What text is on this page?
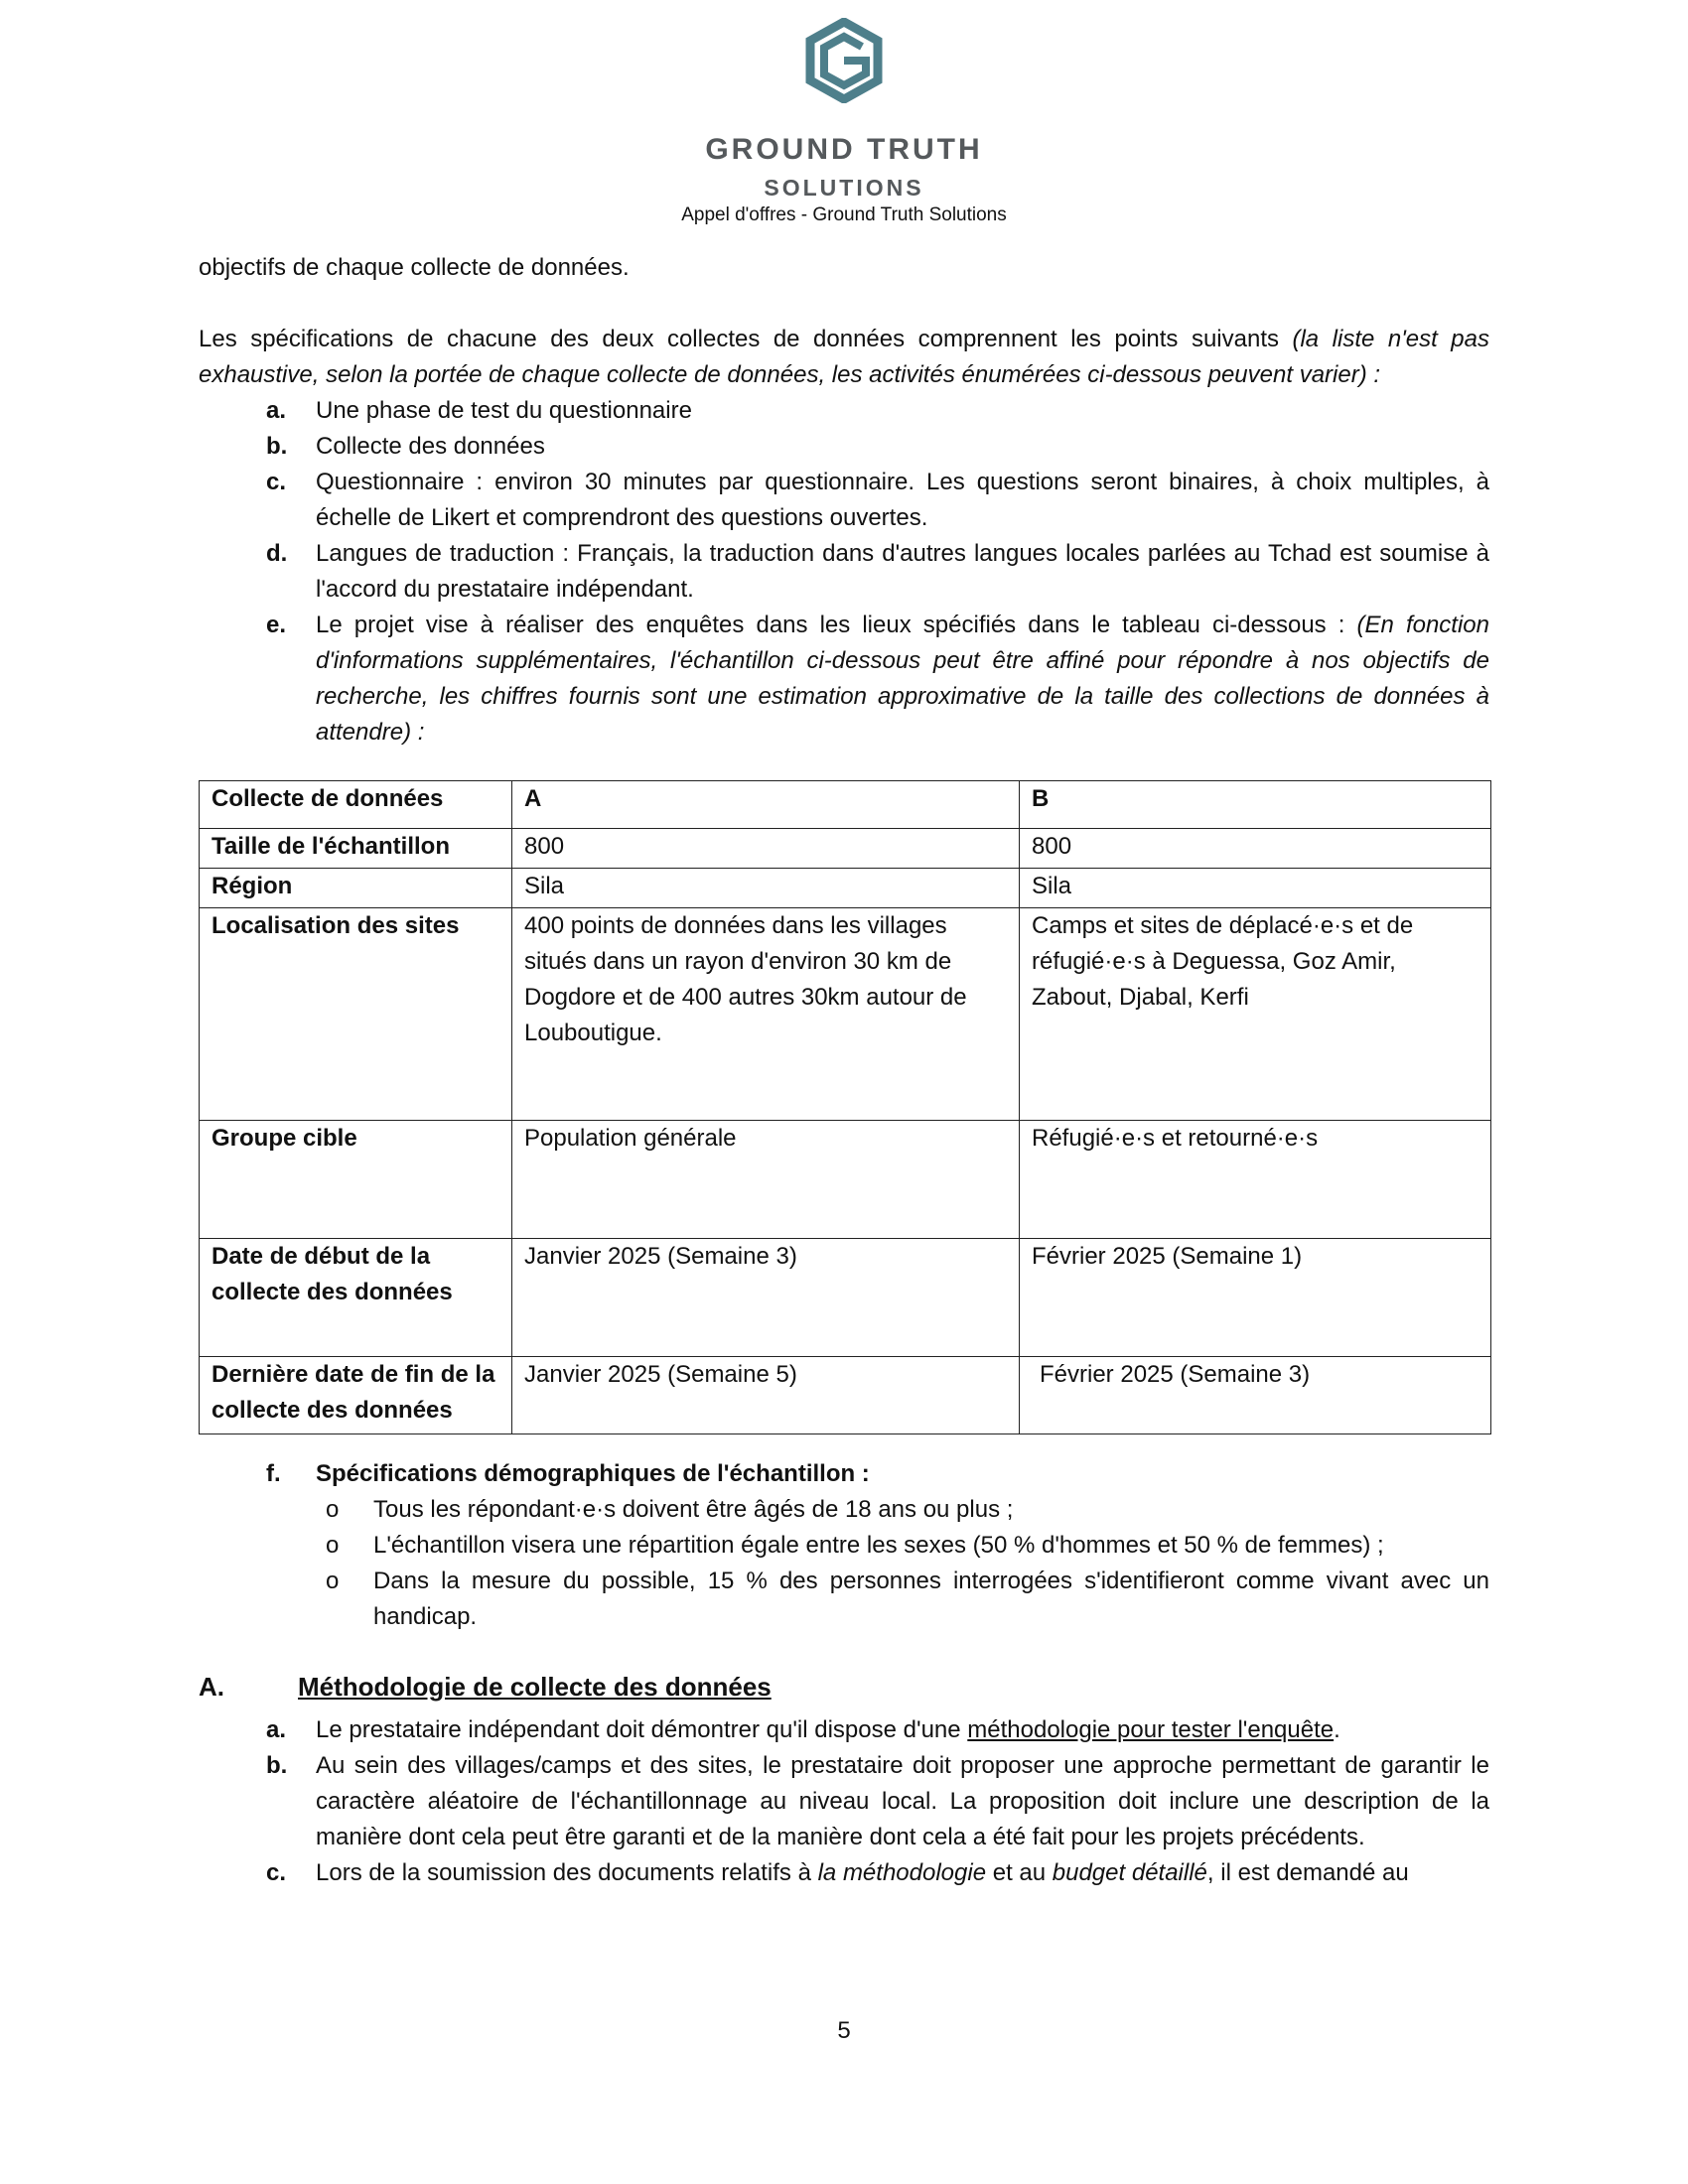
GROUND TRUTH
SOLUTIONS
Appel d'offres - Ground Truth Solutions

objectifs de chaque collecte de données.

Les spécifications de chacune des deux collectes de données comprennent les points suivants (la liste n'est pas exhaustive, selon la portée de chaque collecte de données, les activités énumérées ci-dessous peuvent varier) :

a. Une phase de test du questionnaire
b. Collecte des données
c. Questionnaire : environ 30 minutes par questionnaire. Les questions seront binaires, à choix multiples, à échelle de Likert et comprendront des questions ouvertes.
d. Langues de traduction : Français, la traduction dans d'autres langues locales parlées au Tchad est soumise à l'accord du prestataire indépendant.
e. Le projet vise à réaliser des enquêtes dans les lieux spécifiés dans le tableau ci-dessous : (En fonction d'informations supplémentaires, l'échantillon ci-dessous peut être affiné pour répondre à nos objectifs de recherche, les chiffres fournis sont une estimation approximative de la taille des collections de données à attendre) :
Collecte de données	A	B
Taille de l'échantillon	800	800
Région	Sila	Sila
Localisation des sites	400 points de données dans les villages situés dans un rayon d'environ 30 km de Dogdore et de 400 autres 30km autour de Louboutigue.	Camps et sites de déplacé·e·s et de réfugié·e·s à Deguessa, Goz Amir, Zabout, Djabal, Kerfi
Groupe cible	Population générale	Réfugié·e·s et retourné·e·s
Date de début de la collecte des données	Janvier 2025 (Semaine 3)	Février 2025 (Semaine 1)
Dernière date de fin de la collecte des données	Janvier 2025 (Semaine 5)	Février 2025 (Semaine 3)
f. Spécifications démographiques de l'échantillon :
o Tous les répondant·e·s doivent être âgés de 18 ans ou plus ;
o L'échantillon visera une répartition égale entre les sexes (50 % d'hommes et 50 % de femmes) ;
o Dans la mesure du possible, 15 % des personnes interrogées s'identifieront comme vivant avec un handicap.
A.	Méthodologie de collecte des données
a. Le prestataire indépendant doit démontrer qu'il dispose d'une méthodologie pour tester l'enquête.
b. Au sein des villages/camps et des sites, le prestataire doit proposer une approche permettant de garantir le caractère aléatoire de l'échantillonnage au niveau local. La proposition doit inclure une description de la manière dont cela peut être garanti et de la manière dont cela a été fait pour les projets précédents.
c. Lors de la soumission des documents relatifs à la méthodologie et au budget détaillé, il est demandé au
5
